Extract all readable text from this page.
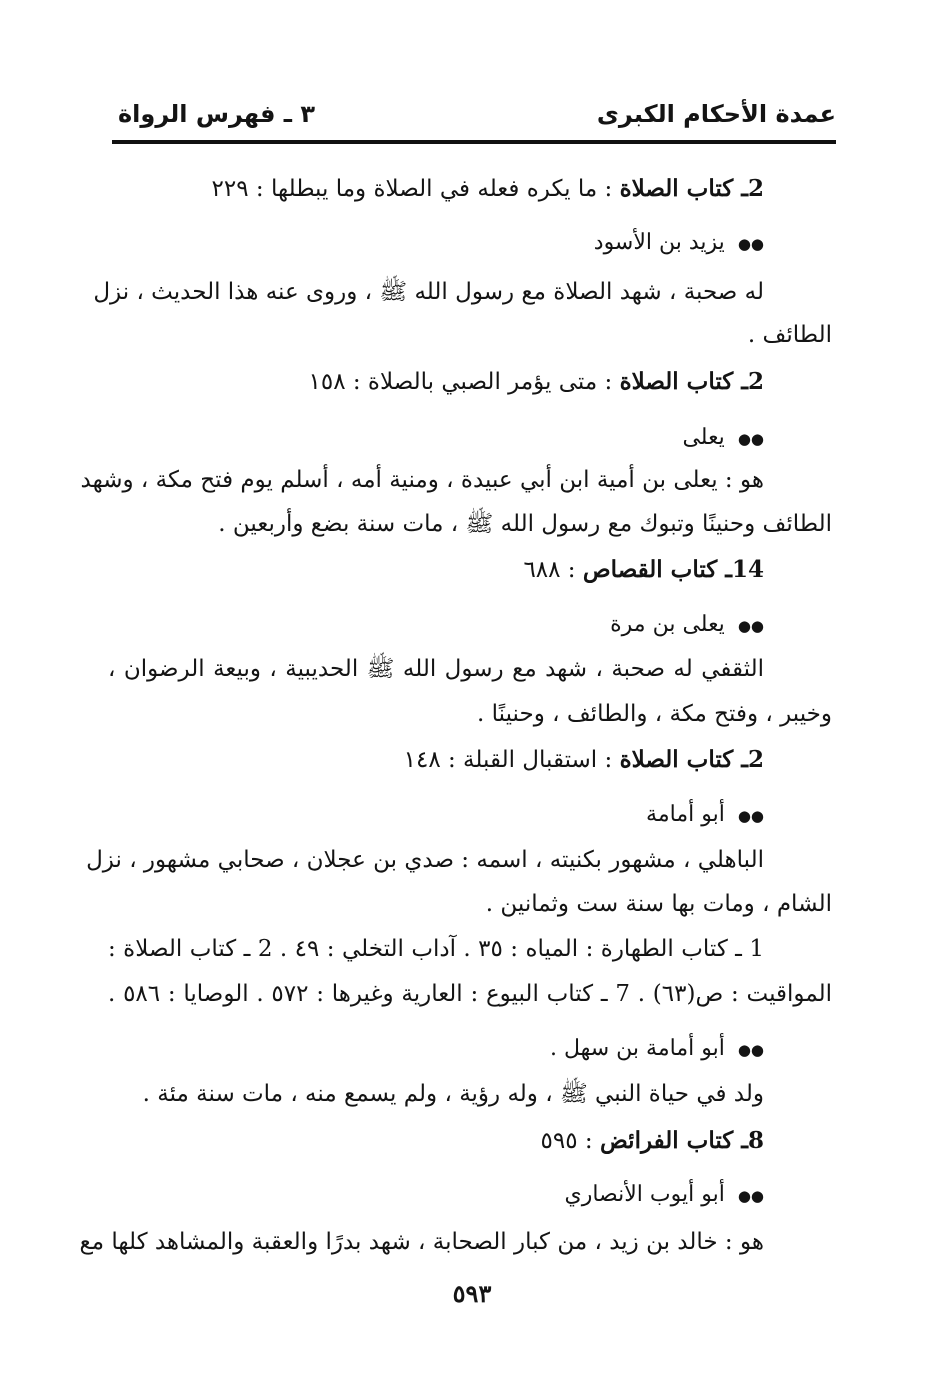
عمدة الأحكام الكبرى
٣ ـ فهرس الرواة
2ـ كتاب الصلاة : ما يكره فعله في الصلاة وما يبطلها : ٢٢٩
●● يزيد بن الأسود
له صحبة ، شهد الصلاة مع رسول الله ﷺ ، وروى عنه هذا الحديث ، نزل
الطائف .
2ـ كتاب الصلاة : متى يؤمر الصبي بالصلاة : ١٥٨
●● يعلى
هو : يعلى بن أمية ابن أبي عبيدة ، ومنية أمه ، أسلم يوم فتح مكة ، وشهد
الطائف وحنينًا وتبوك مع رسول الله ﷺ ، مات سنة بضع وأربعين .
14ـ كتاب القصاص : ٦٨٨
●● يعلى بن مرة
الثقفي له صحبة ، شهد مع رسول الله ﷺ الحديبية ، وبيعة الرضوان ،
وخيبر ، وفتح مكة ، والطائف ، وحنينًا .
2ـ كتاب الصلاة : استقبال القبلة : ١٤٨
●● أبو أمامة
الباهلي ، مشهور بكنيته ، اسمه : صدي بن عجلان ، صحابي مشهور ، نزل
الشام ، ومات بها سنة ست وثمانين .
1 ـ كتاب الطهارة : المياه : ٣٥ . آداب التخلي : ٤٩ . 2 ـ كتاب الصلاة :
المواقيت : ص(٦٣) . 7 ـ كتاب البيوع : العارية وغيرها : ٥٧٢ . الوصايا : ٥٨٦ .
●● أبو أمامة بن سهل .
ولد في حياة النبي ﷺ ، وله رؤية ، ولم يسمع منه ، مات سنة مئة .
8ـ كتاب الفرائض : ٥٩٥
●● أبو أيوب الأنصاري
هو : خالد بن زيد ، من كبار الصحابة ، شهد بدرًا والعقبة والمشاهد كلها مع
٥٩٣
